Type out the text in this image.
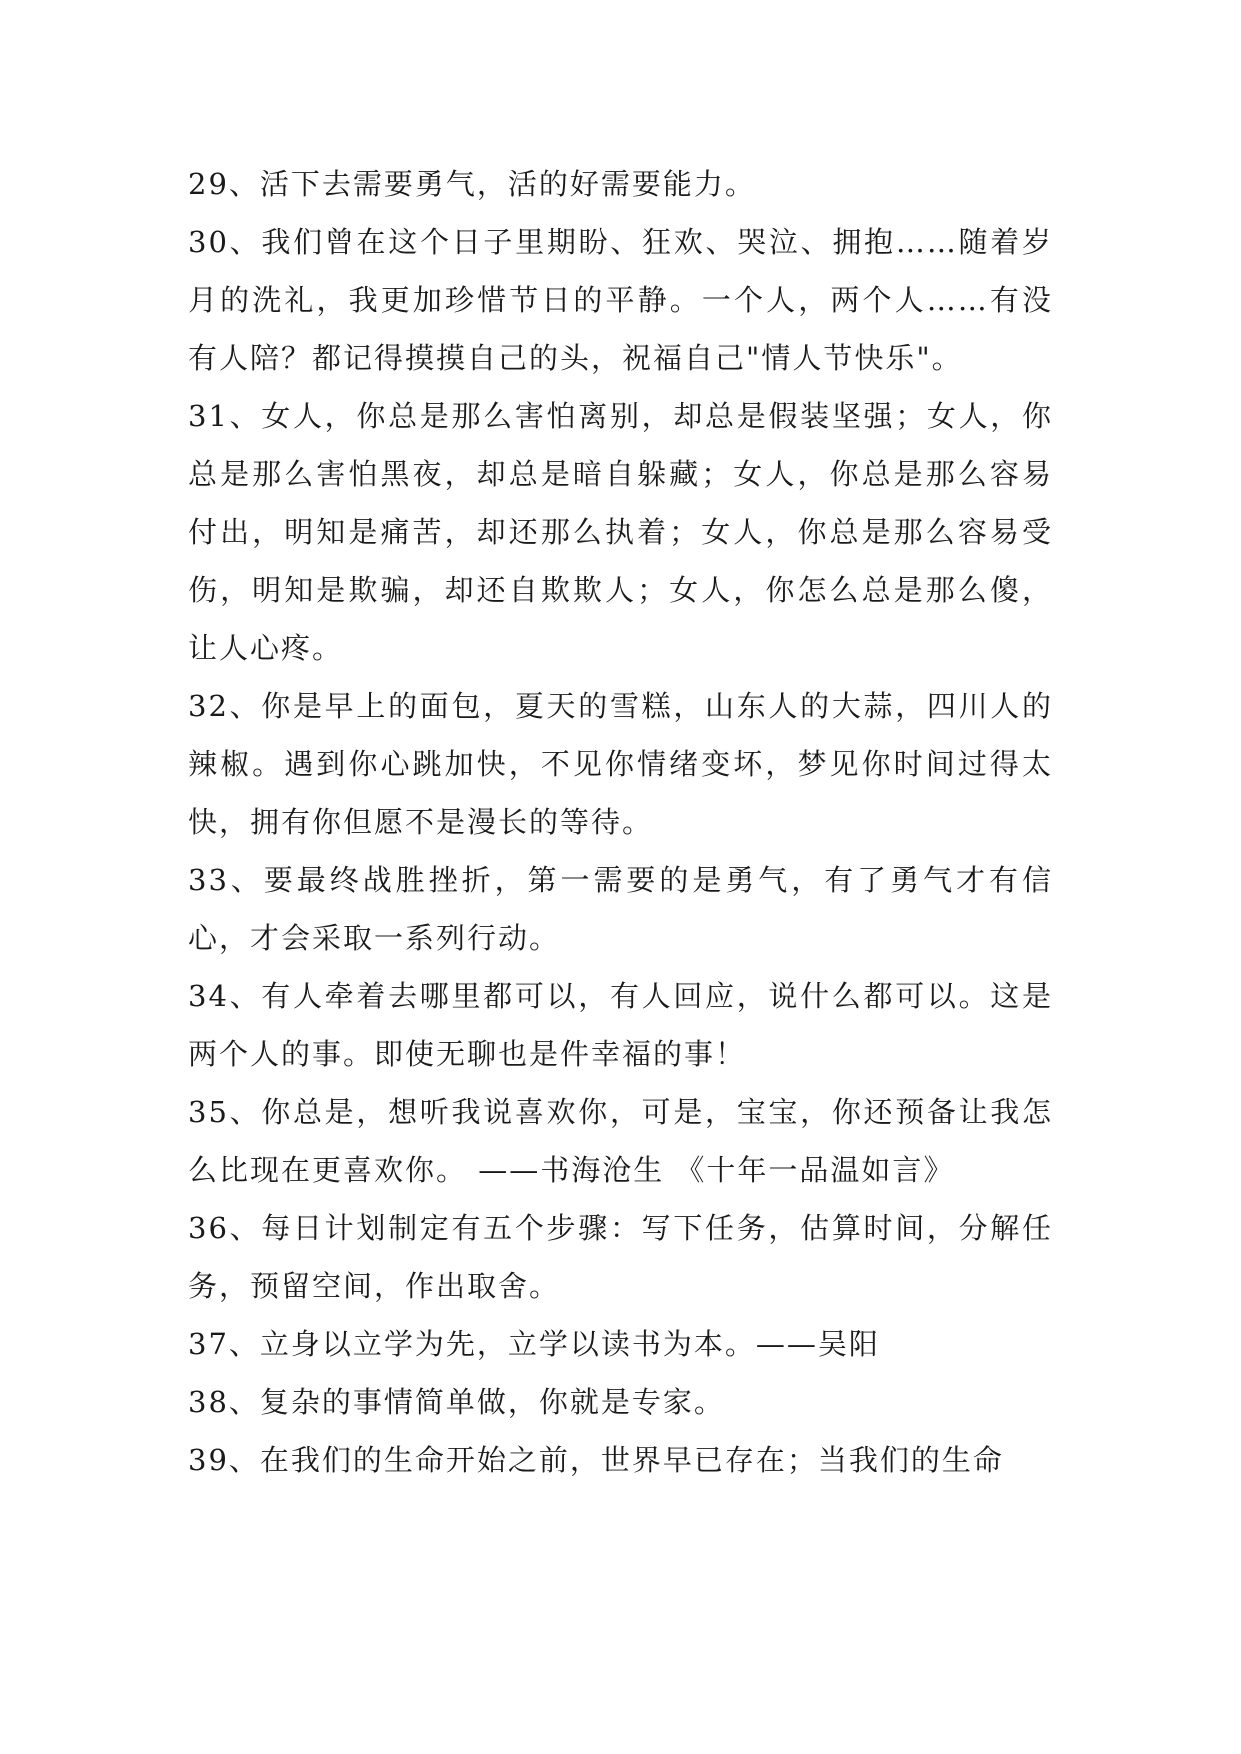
29、活下去需要勇气，活的好需要能力。

30、我们曾在这个日子里期盼、狂欢、哭泣、拥抱……随着岁月的洗礼，我更加珍惜节日的平静。一个人，两个人……有没有人陪？都记得摸摸自己的头，祝福自己"情人节快乐"。

31、女人，你总是那么害怕离别，却总是假装坚强；女人，你总是那么害怕黑夜，却总是暗自躲藏；女人，你总是那么容易付出，明知是痛苦，却还那么执着；女人，你总是那么容易受伤，明知是欺骗，却还自欺欺人；女人，你怎么总是那么傻，让人心疼。

32、你是早上的面包，夏天的雪糕，山东人的大蒜，四川人的辣椒。遇到你心跳加快，不见你情绪变坏，梦见你时间过得太快，拥有你但愿不是漫长的等待。

33、要最终战胜挫折，第一需要的是勇气，有了勇气才有信心，才会采取一系列行动。

34、有人牵着去哪里都可以，有人回应，说什么都可以。这是两个人的事。即使无聊也是件幸福的事！

35、你总是，想听我说喜欢你，可是，宝宝，你还预备让我怎么比现在更喜欢你。 ——书海沧生 《十年一品温如言》

36、每日计划制定有五个步骤：写下任务，估算时间，分解任务，预留空间，作出取舍。

37、立身以立学为先，立学以读书为本。——吴阳

38、复杂的事情简单做，你就是专家。

39、在我们的生命开始之前，世界早已存在；当我们的生命
